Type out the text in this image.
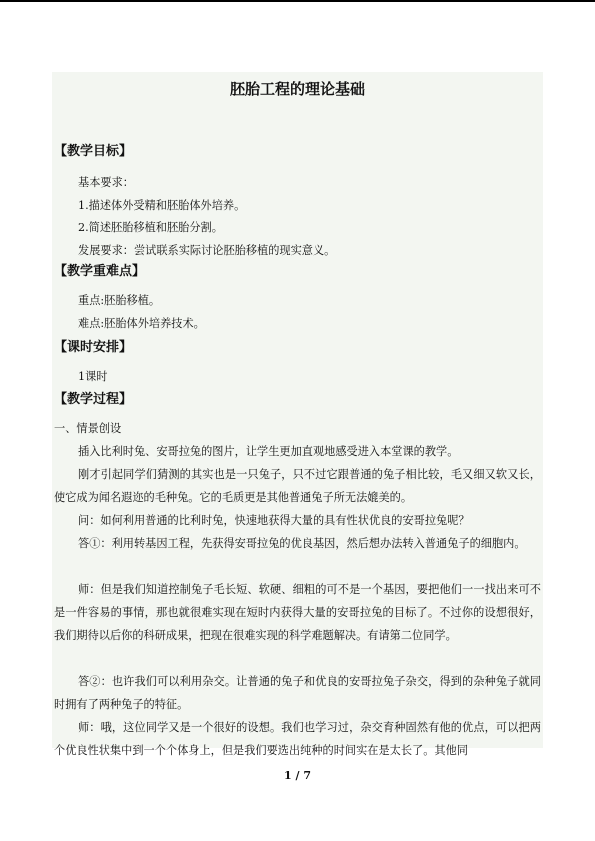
胚胎工程的理论基础
【教学目标】
基本要求：
1.描述体外受精和胚胎体外培养。
2.简述胚胎移植和胚胎分割。
发展要求：尝试联系实际讨论胚胎移植的现实意义。
【教学重难点】
重点:胚胎移植。
难点:胚胎体外培养技术。
【课时安排】
1课时
【教学过程】
一、情景创设
插入比利时兔、安哥拉兔的图片，让学生更加直观地感受进入本堂课的教学。
刚才引起同学们猜测的其实也是一只兔子，只不过它跟普通的兔子相比较，毛又细又软又长，使它成为闻名遐迩的毛种兔。它的毛质更是其他普通兔子所无法媲美的。
问：如何利用普通的比利时兔，快速地获得大量的具有性状优良的安哥拉兔呢？
答①：利用转基因工程，先获得安哥拉兔的优良基因，然后想办法转入普通兔子的细胞内。
师：但是我们知道控制兔子毛长短、软硬、细粗的可不是一个基因，要把他们一一找出来可不是一件容易的事情，那也就很难实现在短时内获得大量的安哥拉兔的目标了。不过你的设想很好，我们期待以后你的科研成果，把现在很难实现的科学难题解决。有请第二位同学。
答②：也许我们可以利用杂交。让普通的兔子和优良的安哥拉兔子杂交，得到的杂种兔子就同时拥有了两种兔子的特征。
师：哦，这位同学又是一个很好的设想。我们也学习过，杂交育种固然有他的优点，可以把两个优良性状集中到一个个体身上，但是我们要选出纯种的时间实在是太长了。其他同
1 / 7
